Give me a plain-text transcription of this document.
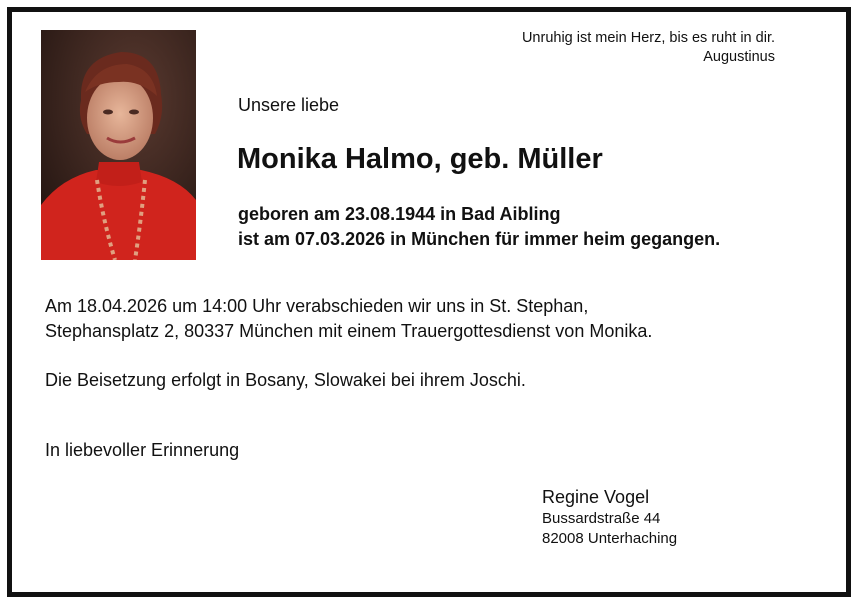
Unruhig ist mein Herz, bis es ruht in dir.
Augustinus
Unsere liebe
Monika Halmo, geb. Müller
geboren am 23.08.1944 in Bad Aibling
ist am 07.03.2026 in München für immer heim gegangen.
Am 18.04.2026 um 14:00 Uhr verabschieden wir uns in St. Stephan,
Stephansplatz 2, 80337 München mit einem Trauergottesdienst von Monika.
Die Beisetzung erfolgt in Bosany, Slowakei bei ihrem Joschi.
In liebevoller Erinnerung
Regine Vogel
Bussardstraße 44
82008 Unterhaching
